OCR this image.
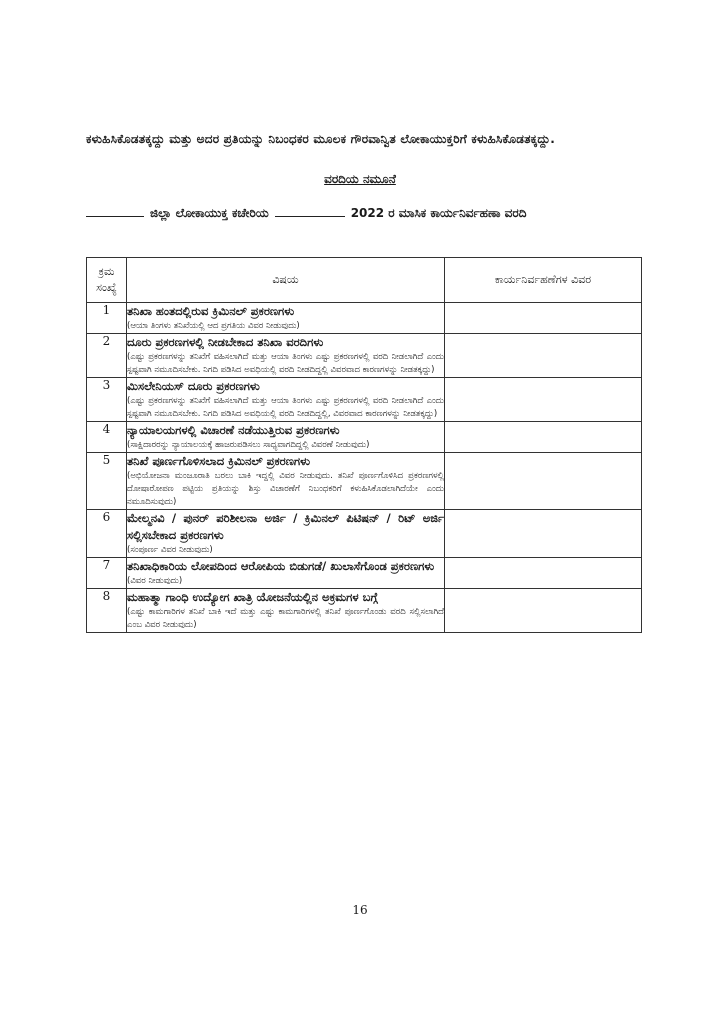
ಕಳುಹಿಸಿಕೊಡತಕ್ಕದ್ದು ಮತ್ತು ಅದರ ಪ್ರತಿಯನ್ನು ನಿಬಂಧಕರ ಮೂಲಕ ಗೌರವಾನ್ವಿತ ಲೋಕಾಯುಕ್ತರಿಗೆ ಕಳುಹಿಸಿಕೊಡತಕ್ಕದ್ದು.
ವರದಿಯ ನಮೂನೆ
ಜಿಲ್ಲಾ ಲೋಕಾಯುಕ್ತ ಕಚೇರಿಯ	2022 ರ ಮಾಸಿಕ ಕಾರ್ಯನಿರ್ವಹಣಾ ವರದಿ
ಕ್ರಮ
ಸಂಖ್ಯೆ	ವಿಷಯ	ಕಾರ್ಯನಿರ್ವಹಣೆಗಳ ವಿವರ
1	ತನಿಖಾ ಹಂತದಲ್ಲಿರುವ ಕ್ರಿಮಿನಲ್ ಪ್ರಕರಣಗಳು
(ಆಯಾ ತಿಂಗಳು ತನಿಖೆಯಲ್ಲಿ ಆದ ಪ್ರಗತಿಯ ವಿವರ ನೀಡುವುದು)	

2	ದೂರು ಪ್ರಕರಣಗಳಲ್ಲಿ ನೀಡಬೇಕಾದ ತನಿಖಾ ವರದಿಗಳು
(ಎಷ್ಟು ಪ್ರಕರಣಗಳನ್ನು ತನಿಖೆಗೆ ವಹಿಸಲಾಗಿದೆ ಮತ್ತು ಆಯಾ ತಿಂಗಳು ಎಷ್ಟು ಪ್ರಕರಣಗಳಲ್ಲಿ ವರದಿ ನೀಡಲಾಗಿದೆ ಎಂದು ಸ್ಪಷ್ಟವಾಗಿ ನಮೂದಿಸಬೇಕು. ನಿಗದಿ ಪಡಿಸಿದ ಅವಧಿಯಲ್ಲಿ ವರದಿ ನೀಡದಿದ್ದಲ್ಲಿ ವಿವರವಾದ ಕಾರಣಗಳನ್ನು ನೀಡತಕ್ಕದ್ದು)	

3	ಮಿಸಲೇನಿಯಸ್ ದೂರು ಪ್ರಕರಣಗಳು
(ಎಷ್ಟು ಪ್ರಕರಣಗಳನ್ನು ತನಿಖೆಗೆ ವಹಿಸಲಾಗಿದೆ ಮತ್ತು ಆಯಾ ತಿಂಗಳು ಎಷ್ಟು ಪ್ರಕರಣಗಳಲ್ಲಿ ವರದಿ ನೀಡಲಾಗಿದೆ ಎಂದು ಸ್ಪಷ್ಟವಾಗಿ ನಮೂದಿಸಬೇಕು. ನಿಗದಿ ಪಡಿಸಿದ ಅವಧಿಯಲ್ಲಿ ವರದಿ ನೀಡದಿದ್ದಲ್ಲಿ, ವಿವರವಾದ ಕಾರಣಗಳನ್ನು ನೀಡತಕ್ಕದ್ದು)	

4	ನ್ಯಾಯಾಲಯಗಳಲ್ಲಿ ವಿಚಾರಣೆ ನಡೆಯುತ್ತಿರುವ ಪ್ರಕರಣಗಳು
(ಸಾಕ್ಷಿದಾರರನ್ನು ನ್ಯಾಯಾಲಯಕ್ಕೆ ಹಾಜರುಪಡಿಸಲು ಸಾಧ್ಯವಾಗದಿದ್ದಲ್ಲಿ ವಿವರಣೆ ನೀಡುವುದು)	

5	ತನಿಖೆ ಪೂರ್ಣಗೊಳಿಸಲಾದ ಕ್ರಿಮಿನಲ್ ಪ್ರಕರಣಗಳು
(ಅಭಿಯೋಜನಾ ಮಂಜೂರಾತಿ ಬರಲು ಬಾಕಿ ಇದ್ದಲ್ಲಿ ವಿವರ ನೀಡುವುದು. ತನಿಖೆ ಪೂರ್ಣಗೊಳಿಸಿದ ಪ್ರಕರಣಗಳಲ್ಲಿ ದೋಷಾರೋಪಣ ಪಟ್ಟಿಯ ಪ್ರತಿಯನ್ನು ಶಿಸ್ತು ವಿಚಾರಣೆಗೆ ನಿಬಂಧಕರಿಗೆ ಕಳುಹಿಸಿಕೊಡಲಾಗಿದೆಯೇ ಎಂದು ನಮೂದಿಸುವುದು)	

6	ಮೇಲ್ಮನವಿ / ಪುನರ್ ಪರಿಶೀಲನಾ ಅರ್ಜಿ / ಕ್ರಿಮಿನಲ್ ಪಿಟಿಷನ್ / ರಿಟ್ ಅರ್ಜಿ ಸಲ್ಲಿಸಬೇಕಾದ ಪ್ರಕರಣಗಳು
(ಸಂಪೂರ್ಣ ವಿವರ ನೀಡುವುದು)	

7	ತನಿಖಾಧಿಕಾರಿಯ ಲೋಪದಿಂದ ಆರೋಪಿಯ ಬಿಡುಗಡೆ/ ಖುಲಾಸೆಗೊಂಡ ಪ್ರಕರಣಗಳು
(ವಿವರ ನೀಡುವುದು)	

8	ಮಹಾತ್ಮಾ ಗಾಂಧಿ ಉದ್ಯೋಗ ಖಾತ್ರಿ ಯೋಜನೆಯಲ್ಲಿನ ಅಕ್ರಮಗಳ ಬಗ್ಗೆ
(ಎಷ್ಟು ಕಾಮಗಾರಿಗಳ ತನಿಖೆ ಬಾಕಿ ಇದೆ ಮತ್ತು ಎಷ್ಟು ಕಾಮಗಾರಿಗಳಲ್ಲಿ ತನಿಖೆ ಪೂರ್ಣಗೊಂಡು ವರದಿ ಸಲ್ಲಿಸಲಾಗಿದೆ ಎಂಬ ವಿವರ ನೀಡುವುದು)	

16
